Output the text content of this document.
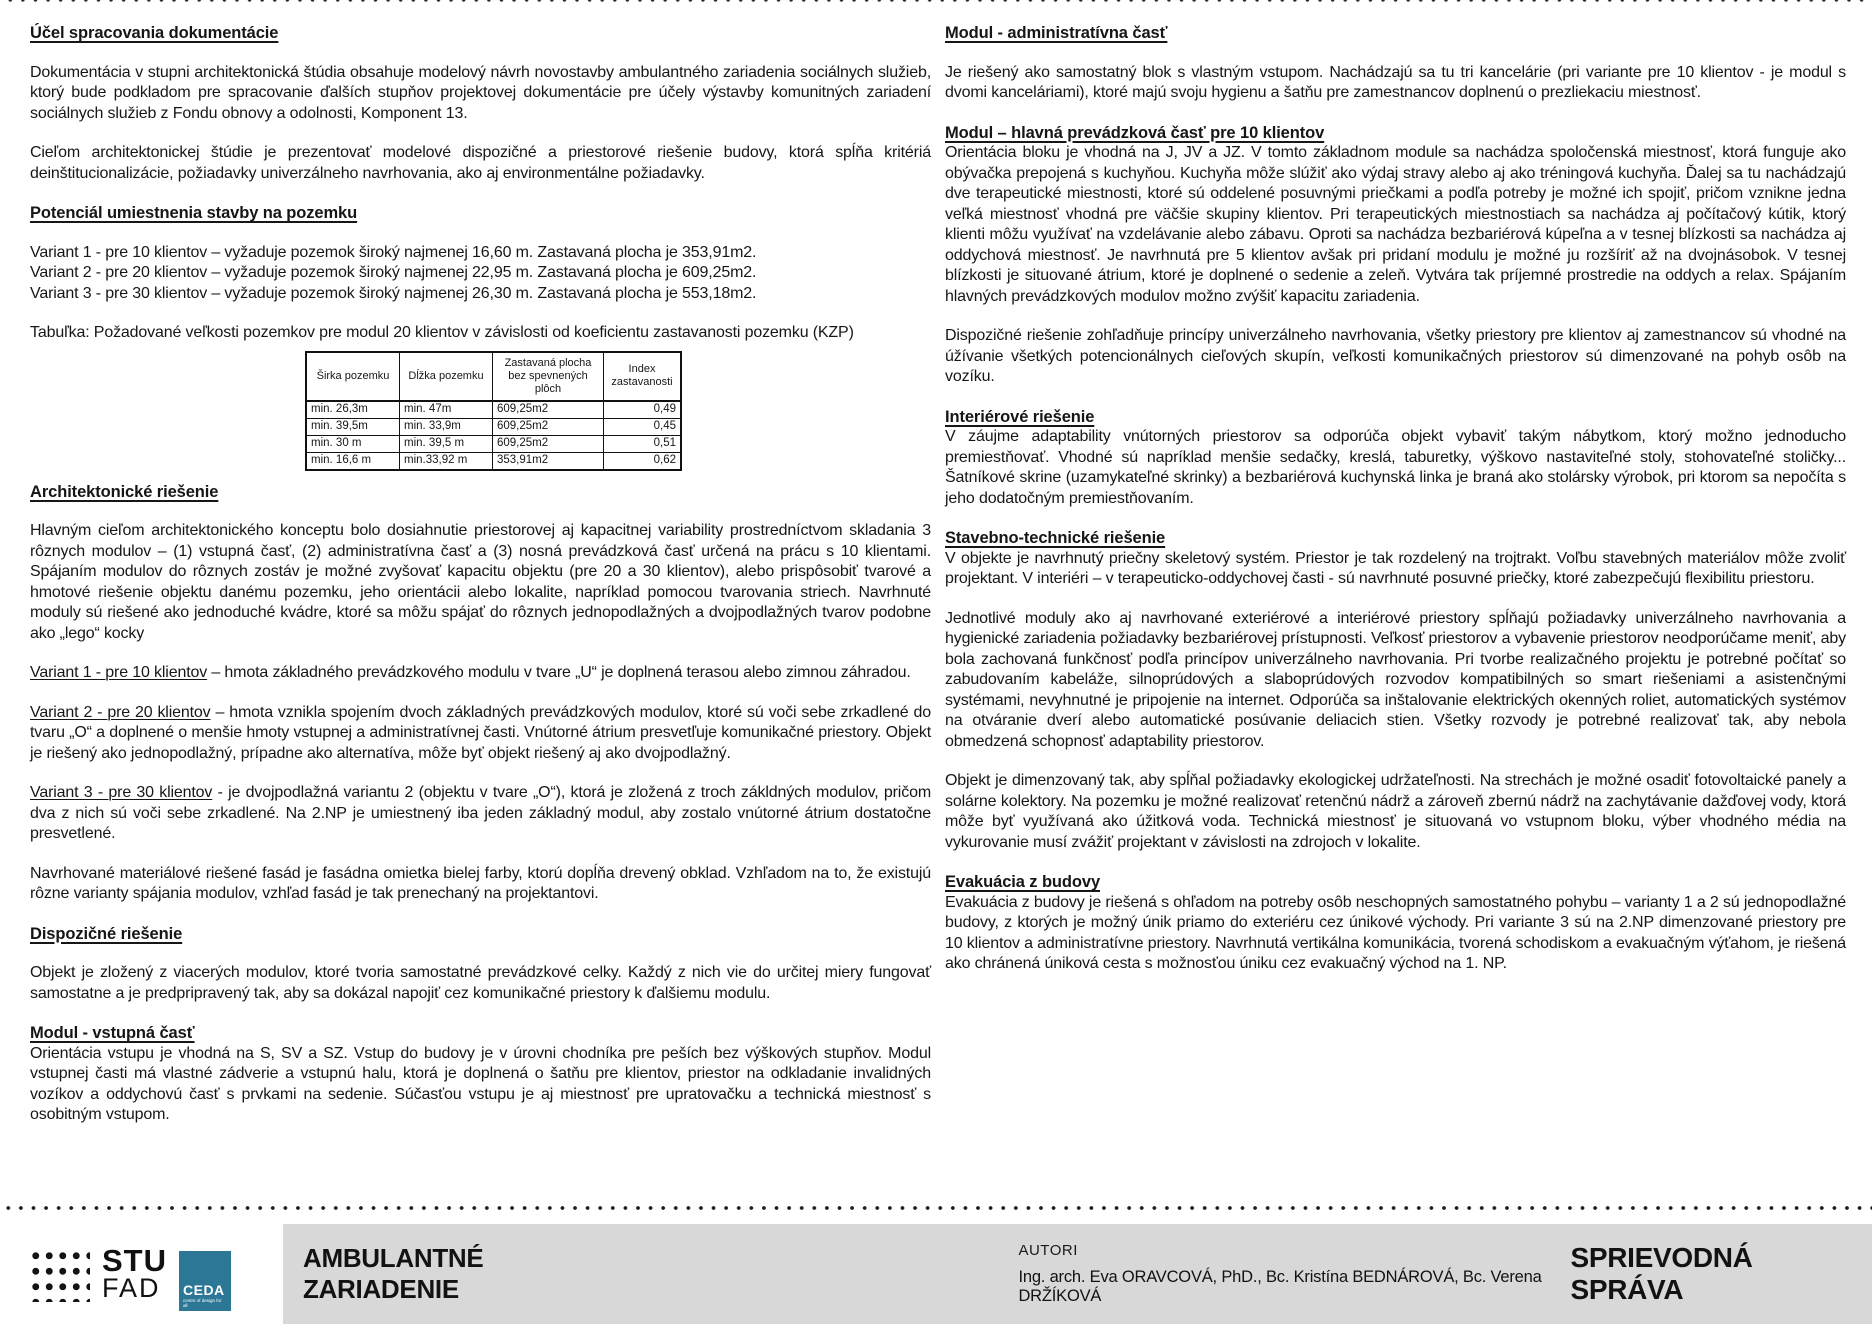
Účel spracovania dokumentácie

Dokumentácia v stupni architektonická štúdia obsahuje modelový návrh novostavby ambulantného zariadenia sociálnych služieb, ktorý bude podkladom pre spracovanie ďalších stupňov projektovej dokumentácie pre účely výstavby komunitných zariadení sociálnych služieb z Fondu obnovy a odolnosti, Komponent 13.

Cieľom architektonickej štúdie je prezentovať modelové dispozičné a priestorové riešenie budovy, ktorá spĺňa kritériá deinštitucionalizácie, požiadavky univerzálneho navrhovania, ako aj environmentálne požiadavky.

Potenciál umiestnenia stavby na pozemku
Variant 1 - pre 10 klientov – vyžaduje pozemok široký najmenej 16,60 m. Zastavaná plocha je 353,91m2.
Variant 2 - pre 20 klientov – vyžaduje pozemok široký najmenej 22,95 m. Zastavaná plocha je 609,25m2.
Variant 3 - pre 30 klientov – vyžaduje pozemok široký najmenej 26,30 m. Zastavaná plocha je 553,18m2.

Tabuľka: Požadované veľkosti pozemkov pre modul 20 klientov v závislosti od koeficientu zastavanosti pozemku (KZP)

Širka pozemku	Dĺžka pozemku	Zastavaná plocha bez spevnených plôch	Index zastavanosti
min. 26,3m	min. 47m	609,25m2	0,49
min. 39,5m	min. 33,9m	609,25m2	0,45
min. 30 m	min. 39,5 m	609,25m2	0,51
min. 16,6 m	min.33,92 m	353,91m2	0,62
Architektonické riešenie

Hlavným cieľom architektonického konceptu bolo dosiahnutie priestorovej aj kapacitnej variability prostredníctvom skladania 3 rôznych modulov – (1) vstupná časť, (2) administratívna časť a (3) nosná prevádzková časť určená na prácu s 10 klientami. Spájaním modulov do rôznych zostáv je možné zvyšovať kapacitu objektu (pre 20 a 30 klientov), alebo prispôsobiť tvarové a hmotové riešenie objektu danému pozemku, jeho orientácii alebo lokalite, napríklad pomocou tvarovania striech. Navrhnuté moduly sú riešené ako jednoduché kvádre, ktoré sa môžu spájať do rôznych jednopodlažných a dvojpodlažných tvarov podobne ako „lego“ kocky

Variant 1 - pre 10 klientov – hmota základného prevádzkového modulu v tvare „U“ je doplnená terasou alebo zimnou záhradou.

Variant 2 - pre 20 klientov – hmota vznikla spojením dvoch základných prevádzkových modulov, ktoré sú voči sebe zrkadlené do tvaru „O“ a doplnené o menšie hmoty vstupnej a administratívnej časti. Vnútorné átrium presvetľuje komunikačné priestory. Objekt je riešený ako jednopodlažný, prípadne ako alternatíva, môže byť objekt riešený aj ako dvojpodlažný.

Variant 3 - pre 30 klientov - je dvojpodlažná variantu 2 (objektu v tvare „O“), ktorá je zložená z troch zákldných modulov, pričom dva z nich sú voči sebe zrkadlené. Na 2.NP je umiestnený iba jeden základný modul, aby zostalo vnútorné átrium dostatočne presvetlené.

Navrhované materiálové riešené fasád je fasádna omietka bielej farby, ktorú dopĺňa drevený obklad. Vzhľadom na to, že existujú rôzne varianty spájania modulov, vzhľad fasád je tak prenechaný na projektantovi.

Dispozičné riešenie

Objekt je zložený z viacerých modulov, ktoré tvoria samostatné prevádzkové celky. Každý z nich vie do určitej miery fungovať samostatne a je predpripravený tak, aby sa dokázal napojiť cez komunikačné priestory k ďalšiemu modulu.

Modul - vstupná časť

Orientácia vstupu je vhodná na S, SV a SZ. Vstup do budovy je v úrovni chodníka pre peších bez výškových stupňov. Modul vstupnej časti má vlastné zádverie a vstupnú halu, ktorá je doplnená o šatňu pre klientov, priestor na odkladanie invalidných vozíkov a oddychovú časť s prvkami na sedenie. Súčasťou vstupu je aj miestnosť pre upratovačku a technická miestnosť s osobitným vstupom.

Modul - administratívna časť

Je riešený ako samostatný blok s vlastným vstupom. Nachádzajú sa tu tri kancelárie (pri variante pre 10 klientov - je modul s dvomi kanceláriami), ktoré majú svoju hygienu a šatňu pre zamestnancov doplnenú o prezliekaciu miestnosť.

Modul – hlavná prevádzková časť pre 10 klientov

Orientácia bloku je vhodná na J, JV a JZ. V tomto základnom module sa nachádza spoločenská miestnosť, ktorá funguje ako obývačka prepojená s kuchyňou. Kuchyňa môže slúžiť ako výdaj stravy alebo aj ako tréningová kuchyňa. Ďalej sa tu nachádzajú dve terapeutické miestnosti, ktoré sú oddelené posuvnými priečkami a podľa potreby je možné ich spojiť, pričom vznikne jedna veľká miestnosť vhodná pre väčšie skupiny klientov. Pri terapeutických miestnostiach sa nachádza aj počítačový kútik, ktorý klienti môžu využívať na vzdelávanie alebo zábavu. Oproti sa nachádza bezbariérová kúpeľna a v tesnej blízkosti sa nachádza aj oddychová miestnosť. Je navrhnutá pre 5 klientov avšak pri pridaní modulu je možné ju rozšíriť až na dvojnásobok. V tesnej blízkosti je situované átrium, ktoré je doplnené o sedenie a zeleň. Vytvára tak príjemné prostredie na oddych a relax. Spájaním hlavných prevádzkových modulov možno zvýšiť kapacitu zariadenia.

Dispozičné riešenie zohľadňuje princípy univerzálneho navrhovania, všetky priestory pre klientov aj zamestnancov sú vhodné na úžívanie všetkých potencionálnych cieľových skupín, veľkosti komunikačných priestorov sú dimenzované na pohyb osôb na vozíku.

Interiérové riešenie

V záujme adaptability vnútorných priestorov sa odporúča objekt vybaviť takým nábytkom, ktorý možno jednoducho premiestňovať. Vhodné sú napríklad menšie sedačky, kreslá, taburetky, výškovo nastaviteľné stoly, stohovateľné stoličky... Šatníkové skrine (uzamykateľné skrinky) a bezbariérová kuchynská linka je braná ako stolársky výrobok, pri ktorom sa nepočíta s jeho dodatočným premiestňovaním.

Stavebno-technické riešenie

V objekte je navrhnutý priečny skeletový systém. Priestor je tak rozdelený na trojtrakt. Voľbu stavebných materiálov môže zvoliť projektant. V interiéri – v terapeuticko-oddychovej časti - sú navrhnuté posuvné priečky, ktoré zabezpečujú flexibilitu priestoru.

Jednotlivé moduly ako aj navrhované exteriérové a interiérové priestory spĺňajú požiadavky univerzálneho navrhovania a hygienické zariadenia požiadavky bezbariérovej prístupnosti. Veľkosť priestorov a vybavenie priestorov neodporúčame meniť, aby bola zachovaná funkčnosť podľa princípov univerzálneho navrhovania. Pri tvorbe realizačného projektu je potrebné počítať so zabudovaním kabeláže, silnoprúdových a slaboprúdových rozvodov kompatibilných so smart riešeniami a asistenčnými systémami, nevyhnutné je pripojenie na internet. Odporúča sa inštalovanie elektrických okenných roliet, automatických systémov na otváranie dverí alebo automatické posúvanie deliacich stien. Všetky rozvody je potrebné realizovať tak, aby nebola obmedzená schopnosť adaptability priestorov.

Objekt je dimenzovaný tak, aby spĺňal požiadavky ekologickej udržateľnosti. Na strechách je možné osadiť fotovoltaické panely a solárne kolektory. Na pozemku je možné realizovať retenčnú nádrž a zároveň zbernú nádrž na zachytávanie dažďovej vody, ktorá môže byť využívaná ako úžitková voda. Technická miestnosť je situovaná vo vstupnom bloku, výber vhodného média na vykurovanie musí zvážiť projektant v závislosti na zdrojoch v lokalite.

Evakuácia z budovy

Evakuácia z budovy je riešená s ohľadom na potreby osôb neschopných samostatného pohybu – varianty 1 a 2 sú jednopodlažné budovy, z ktorých je možný únik priamo do exteriéru cez únikové východy. Pri variante 3 sú na 2.NP dimenzované priestory pre 10 klientov a administratívne priestory. Navrhnutá vertikálna komunikácia, tvorená schodiskom a evakuačným výťahom, je riešená ako chránená úniková cesta s možnosťou úniku cez evakuačný východ na 1. NP.

STU
FAD	CEDA
centre of design for all
AMBULANTNÉ ZARIADENIE
AUTORI
Ing. arch. Eva ORAVCOVÁ, PhD., Bc. Kristína BEDNÁROVÁ, Bc. Verena DRŽÍKOVÁ
SPRIEVODNÁ SPRÁVA
